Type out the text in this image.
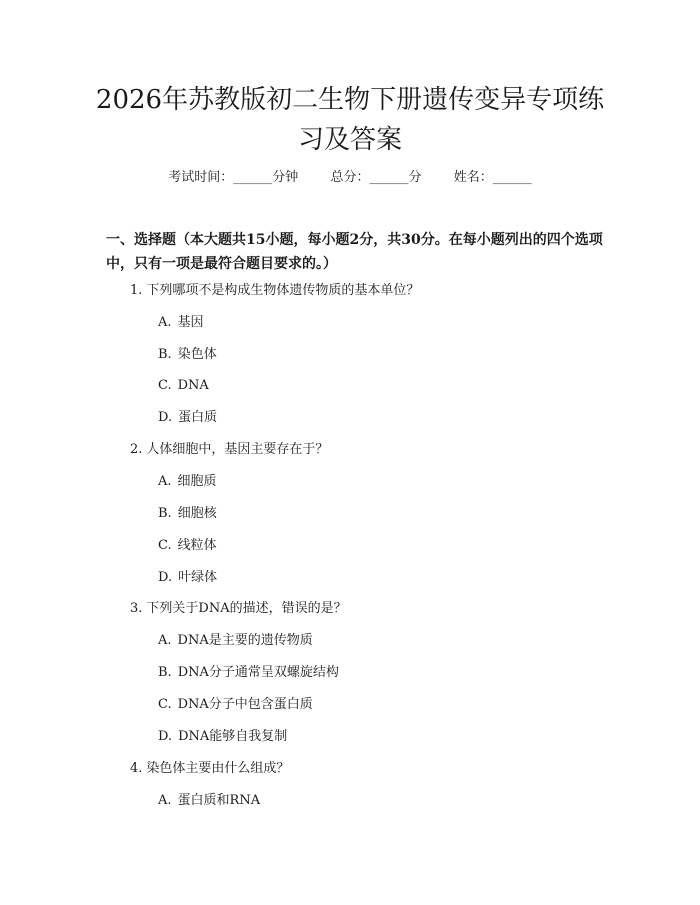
2026年苏教版初二生物下册遗传变异专项练习及答案
考试时间：______分钟 总分：______分 姓名：______

一、选择题（本大题共15小题，每小题2分，共30分。在每小题列出的四个选项中，只有一项是最符合题目要求的。）

1. 下列哪项不是构成生物体遗传物质的基本单位？
A. 基因
B. 染色体
C. DNA
D. 蛋白质
2. 人体细胞中，基因主要存在于？
A. 细胞质
B. 细胞核
C. 线粒体
D. 叶绿体
3. 下列关于DNA的描述，错误的是？
A. DNA是主要的遗传物质
B. DNA分子通常呈双螺旋结构
C. DNA分子中包含蛋白质
D. DNA能够自我复制
4. 染色体主要由什么组成？
A. 蛋白质和RNA
